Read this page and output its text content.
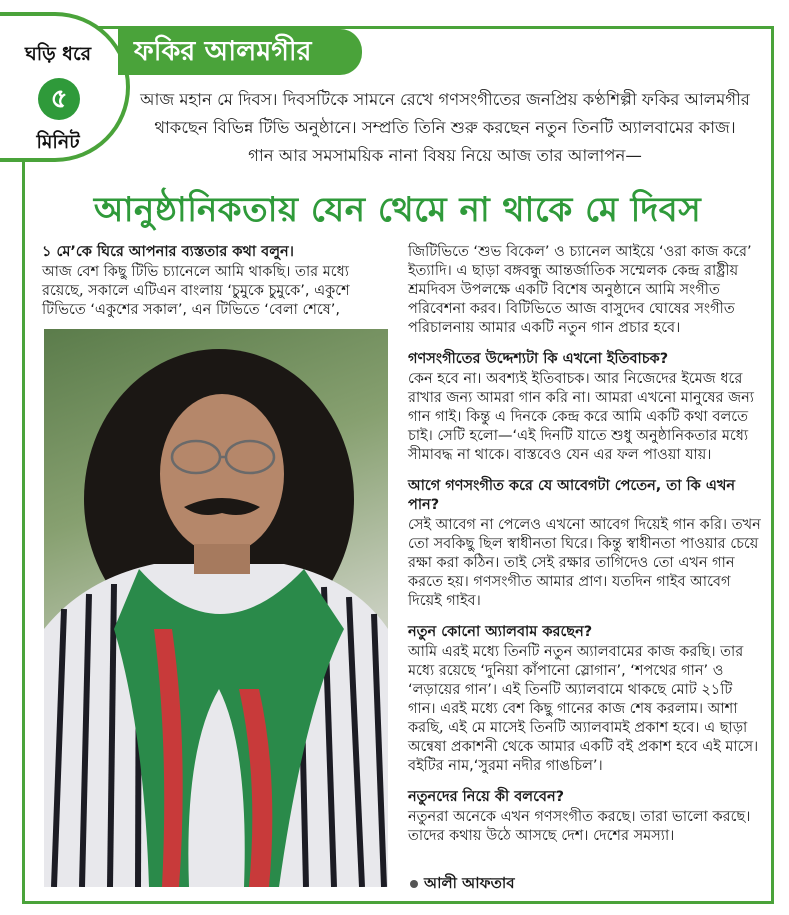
ঘড়ি ধরে
৫
মিনিট
ফকির আলমগীর
আজ মহান মে দিবস। দিবসটিকে সামনে রেখে গণসংগীতের জনপ্রিয় কণ্ঠশিল্পী ফকির আলমগীর থাকছেন বিভিন্ন টিভি অনুষ্ঠানে। সম্প্রতি তিনি শুরু করছেন নতুন তিনটি অ্যালবামের কাজ। গান আর সমসাময়িক নানা বিষয় নিয়ে আজ তার আলাপন—
আনুষ্ঠানিকতায় যেন থেমে না থাকে মে দিবস

১ মে’কে ঘিরে আপনার ব্যস্ততার কথা বলুন।

আজ বেশ কিছু টিভি চ্যানেলে আমি থাকছি। তার মধ্যে রয়েছে, সকালে এটিএন বাংলায় ‘চুমুকে চুমুকে’, একুশে টিভিতে ‘একুশের সকাল’, এন টিভিতে ‘বেলা শেষে’,

জিটিভিতে ‘শুভ বিকেল’ ও চ্যানেল আইয়ে ‘ওরা কাজ করে’ ইত্যাদি। এ ছাড়া বঙ্গবন্ধু আন্তর্জাতিক সম্মেলক কেন্দ্র রাষ্ট্রীয় শ্রমদিবস উপলক্ষে একটি বিশেষ অনুষ্ঠানে আমি সংগীত পরিবেশনা করব। বিটিভিতে আজ বাসুদেব ঘোষের সংগীত পরিচালনায় আমার একটি নতুন গান প্রচার হবে।

গণসংগীতের উদ্দেশ্যটা কি এখনো ইতিবাচক?

কেন হবে না। অবশ্যই ইতিবাচক। আর নিজেদের ইমেজ ধরে রাখার জন্য আমরা গান করি না। আমরা এখনো মানুষের জন্য গান গাই। কিন্তু এ দিনকে কেন্দ্র করে আমি একটি কথা বলতে চাই। সেটি হলো—‘এই দিনটি যাতে শুধু অনুষ্ঠানিকতার মধ্যে সীমাবদ্ধ না থাকে। বাস্তবেও যেন এর ফল পাওয়া যায়।

আগে গণসংগীত করে যে আবেগটা পেতেন, তা কি এখন পান?

সেই আবেগ না পেলেও এখনো আবেগ দিয়েই গান করি। তখন তো সবকিছু ছিল স্বাধীনতা ঘিরে। কিন্তু স্বাধীনতা পাওয়ার চেয়ে রক্ষা করা কঠিন। তাই সেই রক্ষার তাগিদেও তো এখন গান করতে হয়। গণসংগীত আমার প্রাণ। যতদিন গাইব আবেগ দিয়েই গাইব।

নতুন কোনো অ্যালবাম করছেন?

আমি এরই মধ্যে তিনটি নতুন অ্যালবামের কাজ করছি। তার মধ্যে রয়েছে ‘দুনিয়া কাঁপানো স্লোগান’, ‘শপথের গান’ ও ‘লড়ায়ের গান’। এই তিনটি অ্যালবামে থাকছে মোট ২১টি গান। এরই মধ্যে বেশ কিছু গানের কাজ শেষ করলাম। আশা করছি, এই মে মাসেই তিনটি অ্যালবামই প্রকাশ হবে। এ ছাড়া অন্বেষা প্রকাশনী থেকে আমার একটি বই প্রকাশ হবে এই মাসে। বইটির নাম,‘সুরমা নদীর গাঙচিল’।

নতুনদের নিয়ে কী বলবেন?

নতুনরা অনেকে এখন গণসংগীত করছে। তারা ভালো করছে। তাদের কথায় উঠে আসছে দেশ। দেশের সমস্যা।

আলী আফতাব
